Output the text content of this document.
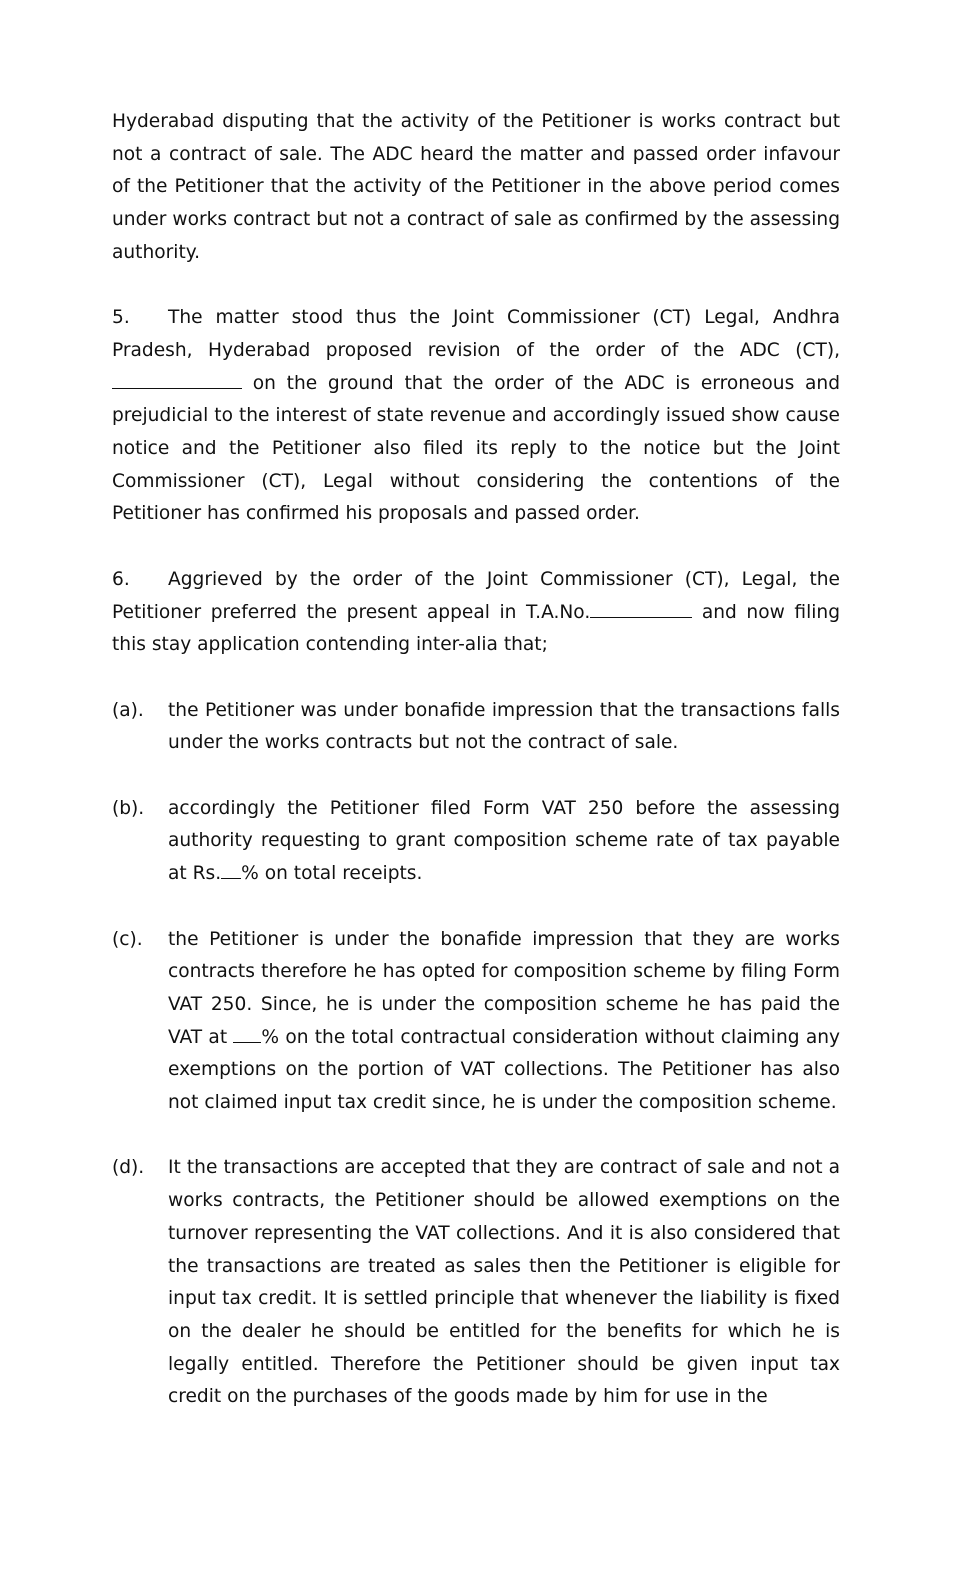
Hyderabad disputing that the activity of the Petitioner is works contract but not a contract of sale. The ADC heard the matter and passed order infavour of the Petitioner that the activity of the Petitioner in the above period comes under works contract but not a contract of sale as confirmed by the assessing authority.

5. The matter stood thus the Joint Commissioner (CT) Legal, Andhra Pradesh, Hyderabad proposed revision of the order of the ADC (CT),  on the ground that the order of the ADC is erroneous and prejudicial to the interest of state revenue and accordingly issued show cause notice and the Petitioner also filed its reply to the notice but the Joint Commissioner (CT), Legal without considering the contentions of the Petitioner has confirmed his proposals and passed order.

6. Aggrieved by the order of the Joint Commissioner (CT), Legal, the Petitioner preferred the present appeal in T.A.No.	and now filing this stay application contending inter-alia that;

(a).	the Petitioner was under bonafide impression that the transactions falls under the works contracts but not the contract of sale.
(b).	accordingly the Petitioner filed Form VAT 250 before the assessing authority requesting to grant composition scheme rate of tax payable at Rs. % on total receipts.
(c).	the Petitioner is under the bonafide impression that they are works contracts therefore he has opted for composition scheme by filing Form VAT 250. Since, he is under the composition scheme he has paid the VAT at % on the total contractual consideration without claiming any exemptions on the portion of VAT collections. The Petitioner has also not claimed input tax credit since, he is under the composition scheme.
(d).	It the transactions are accepted that they are contract of sale and not a works contracts, the Petitioner should be allowed exemptions on the turnover representing the VAT collections. And it is also considered that the transactions are treated as sales then the Petitioner is eligible for input tax credit. It is settled principle that whenever the liability is fixed on the dealer he should be entitled for the benefits for which he is legally entitled. Therefore the Petitioner should be given input tax credit on the purchases of the goods made by him for use in the
